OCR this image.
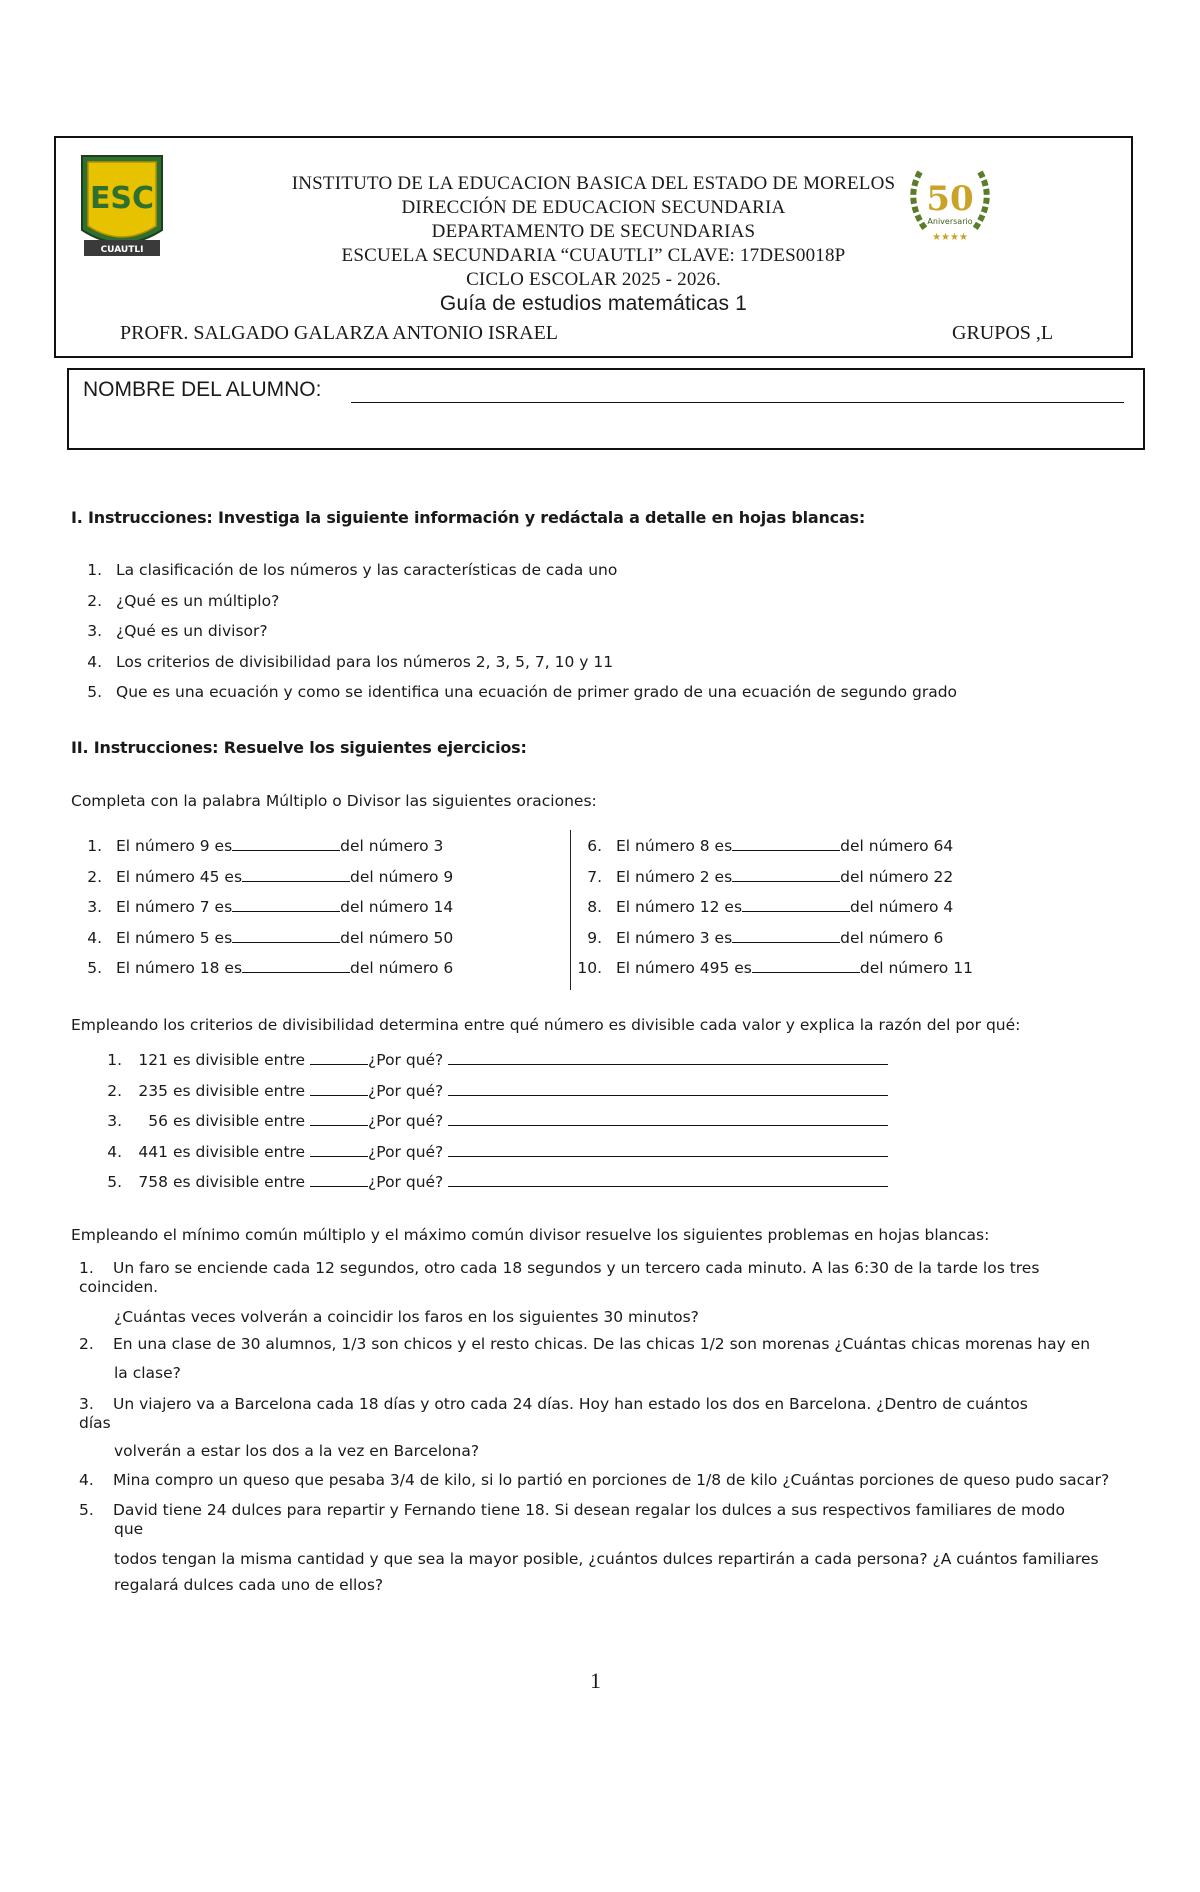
ESC
CUAUTLI
50
Aniversario
★★★★
INSTITUTO DE LA EDUCACION BASICA DEL ESTADO DE MORELOS
DIRECCIÓN DE EDUCACION SECUNDARIA
DEPARTAMENTO DE SECUNDARIAS
ESCUELA SECUNDARIA “CUAUTLI” CLAVE: 17DES0018P
CICLO ESCOLAR 2025 - 2026.
Guía de estudios matemáticas 1
PROFR. SALGADO GALARZA ANTONIO ISRAEL	GRUPOS ,L
NOMBRE DEL ALUMNO:
I. Instrucciones: Investiga la siguiente información y redáctala a detalle en hojas blancas:
1. La clasificación de los números y las características de cada uno
2. ¿Qué es un múltiplo?
3. ¿Qué es un divisor?
4. Los criterios de divisibilidad para los números 2, 3, 5, 7, 10 y 11
5. Que es una ecuación y como se identifica una ecuación de primer grado de una ecuación de segundo grado
II. Instrucciones: Resuelve los siguientes ejercicios:
Completa con la palabra Múltiplo o Divisor las siguientes oraciones:
1. El número 9 es	del número 3
2. El número 45 es	del número 9
3. El número 7 es	del número 14
4. El número 5 es	del número 50
5. El número 18 es	del número 6
6. El número 8 es	del número 64
7. El número 2 es	del número 22
8. El número 12 es	del número 4
9. El número 3 es	del número 6
10. El número 495 es	del número 11
Empleando los criterios de divisibilidad determina entre qué número es divisible cada valor y explica la razón del por qué:
1. 121 es divisible entre	¿Por qué?
2. 235 es divisible entre	¿Por qué?
3. 56 es divisible entre	¿Por qué?
4. 441 es divisible entre	¿Por qué?
5. 758 es divisible entre	¿Por qué?
Empleando el mínimo común múltiplo y el máximo común divisor resuelve los siguientes problemas en hojas blancas:
1. Un faro se enciende cada 12 segundos, otro cada 18 segundos y un tercero cada minuto. A las 6:30 de la tarde los tres
coinciden.
¿Cuántas veces volverán a coincidir los faros en los siguientes 30 minutos?
2. En una clase de 30 alumnos, 1/3 son chicos y el resto chicas. De las chicas 1/2 son morenas ¿Cuántas chicas morenas hay en
la clase?
3. Un viajero va a Barcelona cada 18 días y otro cada 24 días. Hoy han estado los dos en Barcelona. ¿Dentro de cuántos
días
volverán a estar los dos a la vez en Barcelona?
4. Mina compro un queso que pesaba 3/4 de kilo, si lo partió en porciones de 1/8 de kilo ¿Cuántas porciones de queso pudo sacar?
5. David tiene 24 dulces para repartir y Fernando tiene 18. Si desean regalar los dulces a sus respectivos familiares de modo
que
todos tengan la misma cantidad y que sea la mayor posible, ¿cuántos dulces repartirán a cada persona? ¿A cuántos familiares
regalará dulces cada uno de ellos?
1
